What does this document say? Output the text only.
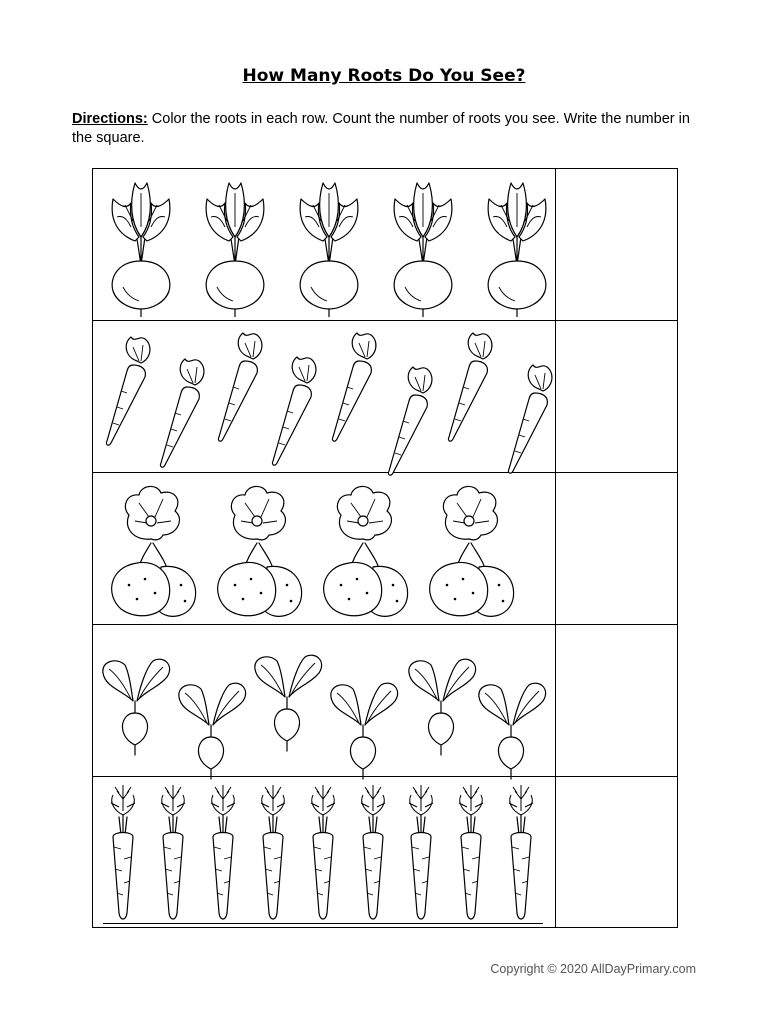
How Many Roots Do You See?
Directions: Color the roots in each row. Count the number of roots you see. Write the number in the square.
Copyright © 2020 AllDayPrimary.com
